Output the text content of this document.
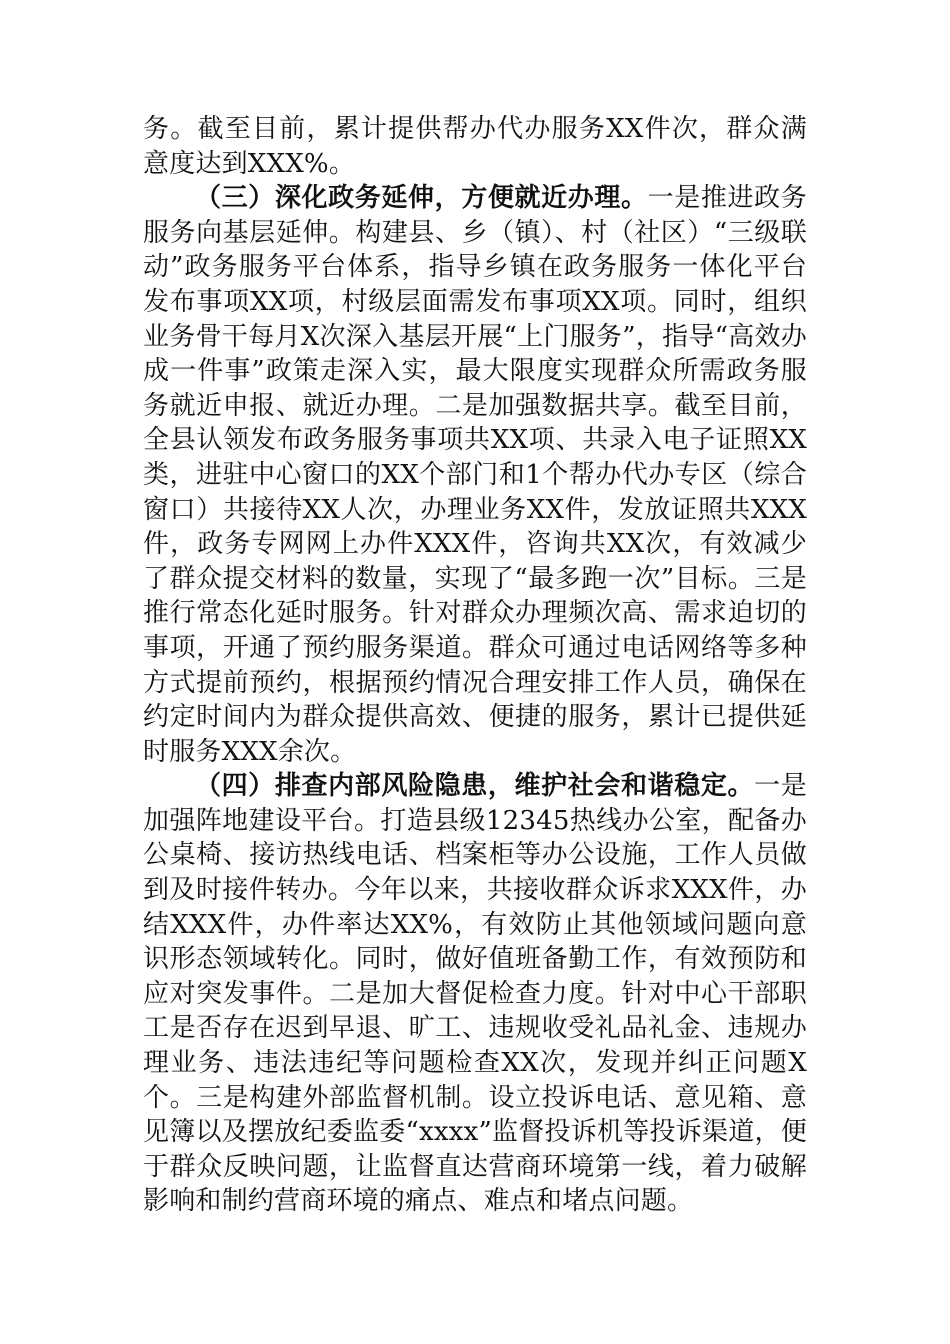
务。截至目前，累计提供帮办代办服务XX件次，群众满意度达到XXX%。

（三）深化政务延伸，方便就近办理。一是推进政务服务向基层延伸。构建县、乡（镇）、村（社区）“三级联动”政务服务平台体系，指导乡镇在政务服务一体化平台发布事项XX项，村级层面需发布事项XX项。同时，组织业务骨干每月X次深入基层开展“上门服务”，指导“高效办成一件事”政策走深入实，最大限度实现群众所需政务服务就近申报、就近办理。二是加强数据共享。截至目前，全县认领发布政务服务事项共XX项、共录入电子证照XX类，进驻中心窗口的XX个部门和1个帮办代办专区（综合窗口）共接待XX人次，办理业务XX件，发放证照共XXX件，政务专网网上办件XXX件，咨询共XX次，有效减少了群众提交材料的数量，实现了“最多跑一次”目标。三是推行常态化延时服务。针对群众办理频次高、需求迫切的事项，开通了预约服务渠道。群众可通过电话网络等多种方式提前预约，根据预约情况合理安排工作人员，确保在约定时间内为群众提供高效、便捷的服务，累计已提供延时服务XXX余次。

（四）排查内部风险隐患，维护社会和谐稳定。一是加强阵地建设平台。打造县级12345热线办公室，配备办公桌椅、接访热线电话、档案柜等办公设施，工作人员做到及时接件转办。今年以来，共接收群众诉求XXX件，办结XXX件，办件率达XX%，有效防止其他领域问题向意识形态领域转化。同时，做好值班备勤工作，有效预防和应对突发事件。二是加大督促检查力度。针对中心干部职工是否存在迟到早退、旷工、违规收受礼品礼金、违规办理业务、违法违纪等问题检查XX次，发现并纠正问题X个。三是构建外部监督机制。设立投诉电话、意见箱、意见簿以及摆放纪委监委“xxxx”监督投诉机等投诉渠道，便于群众反映问题，让监督直达营商环境第一线，着力破解影响和制约营商环境的痛点、难点和堵点问题。
